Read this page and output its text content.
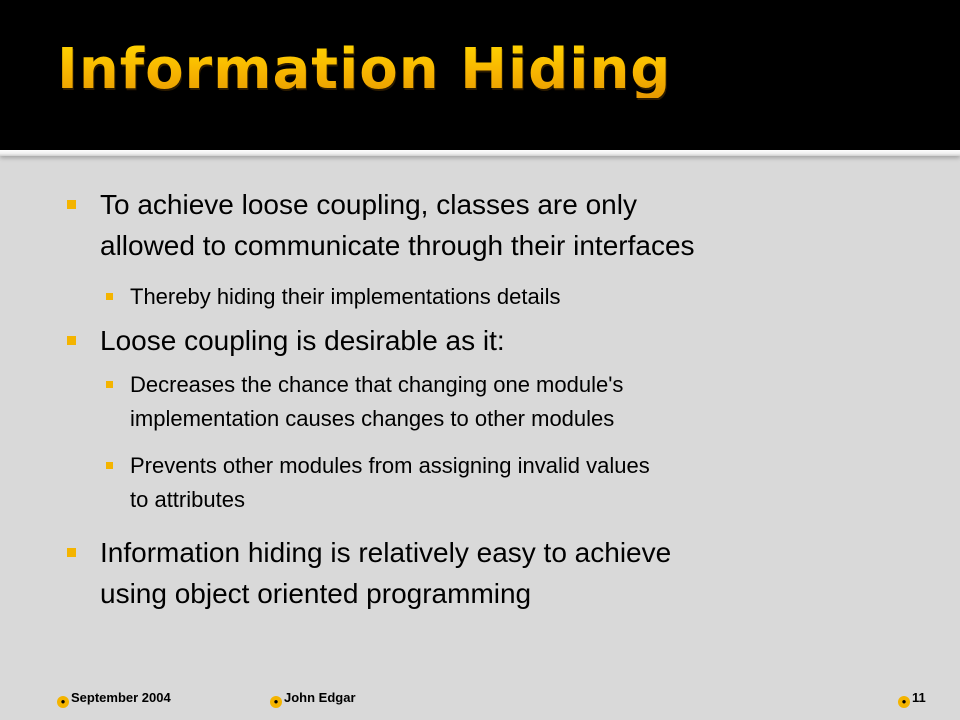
Information Hiding
To achieve loose coupling, classes are only
allowed to communicate through their interfaces
Thereby hiding their implementations details
Loose coupling is desirable as it:
Decreases the chance that changing one module's
implementation causes changes to other modules
Prevents other modules from assigning invalid values
to attributes
Information hiding is relatively easy to achieve
using object oriented programming
● September 2004	● John Edgar	● 11
